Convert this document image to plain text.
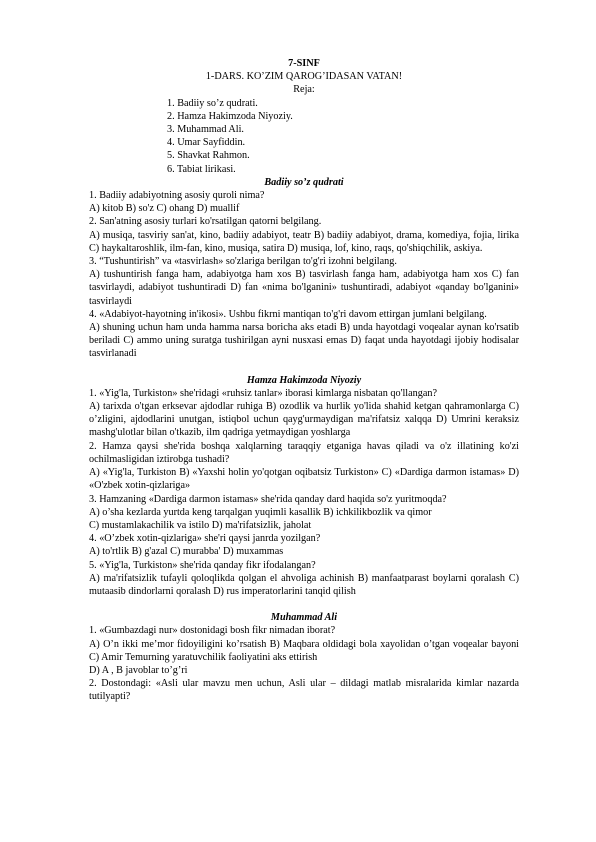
7-SINF
1-DARS. KO’ZIM QAROG’IDASAN VATAN!
Reja:
1. Badiiy so’z qudrati.
2. Hamza Hakimzoda Niyoziy.
3. Muhammad Ali.
4. Umar Sayfiddin.
5. Shavkat Rahmon.
6. Tabiat lirikasi.
Badiiy so’z qudrati

1. Badiiy adabiyotning asosiy quroli nima?

A) kitob B) so'z C) ohang D) muallif

2. San'atning asosiy turlari ko'rsatilgan qatorni belgilang.

A) musiqa, tasviriy san'at, kino, badiiy adabiyot, teatr B) badiiy adabiyot, drama, komediya, fojia, lirika C) haykaltaroshlik, ilm-fan, kino, musiqa, satira D) musiqa, lof, kino, raqs, qo'shiqchilik, askiya.

3. “Tushuntirish” va «tasvirlash» so'zlariga berilgan to'g'ri izohni belgilang.

A) tushuntirish fanga ham, adabiyotga ham xos B) tasvirlash fanga ham, adabiyotga ham xos C) fan tasvirlaydi, adabiyot tushuntiradi D) fan «nima bo'lganini» tushuntiradi, adabiyot «qanday bo'lganini» tasvirlaydi

4. «Adabiyot-hayotning in'ikosi». Ushbu fikrni mantiqan to'g'ri davom ettirgan jumlani belgilang.

A) shuning uchun ham unda hamma narsa boricha aks etadi B) unda hayotdagi voqealar aynan ko'rsatib beriladi C) ammo uning suratga tushirilgan ayni nusxasi emas D) faqat unda hayotdagi ijobiy hodisalar tasvirlanadi

Hamza Hakimzoda Niyoziy

1. «Yig'la, Turkiston» she'ridagi «ruhsiz tanlar» iborasi kimlarga nisbatan qo'llangan?

A) tarixda o'tgan erksevar ajdodlar ruhiga B) ozodlik va hurlik yo'lida shahid ketgan qahramonlarga C) o’zligini, ajdodlarini unutgan, istiqbol uchun qayg'urmaydigan ma'rifatsiz xalqqa D) Umrini keraksiz mashg'ulotlar bilan o'tkazib, ilm qadriga yetmaydigan yoshlarga

2. Hamza qaysi she'rida boshqa xalqlarning taraqqiy etganiga havas qiladi va o'z illatining ko'zi ochilmasligidan iztirobga tushadi?

A) «Yig'la, Turkiston B) «Yaxshi holin yo'qotgan oqibatsiz Turkiston» C) «Dardiga darmon istamas» D) «O'zbek xotin-qizlariga»

3. Hamzaning «Dardiga darmon istamas» she'rida qanday dard haqida so'z yuritmoqda?

A) o’sha kezlarda yurtda keng tarqalgan yuqimli kasallik B) ichkilikbozlik va qimor

C) mustamlakachilik va istilo D) ma'rifatsizlik, jaholat

4. «O’zbek xotin-qizlariga» she'ri qaysi janrda yozilgan?

A) to'rtlik B) g'azal C) murabba' D) muxammas

5. «Yig'la, Turkiston» she'rida qanday fikr ifodalangan?

A) ma'rifatsizlik tufayli qoloqlikda qolgan el ahvoliga achinish B) manfaatparast boylarni qoralash C) mutaasib dindorlarni qoralash D) rus imperatorlarini tanqid qilish

Muhammad Ali

1. «Gumbazdagi nur» dostonidagi bosh fikr nimadan iborat?

A) O’n ikki me’mor fidoyiligini ko’rsatish B) Maqbara oldidagi bola xayolidan o’tgan voqealar bayoni C) Amir Temurning yaratuvchilik faoliyatini aks ettirish

D) A , B javoblar to’g’ri

2. Dostondagi: «Asli ular mavzu men uchun, Asli ular – dildagi matlab misralarida kimlar nazarda tutilyapti?
